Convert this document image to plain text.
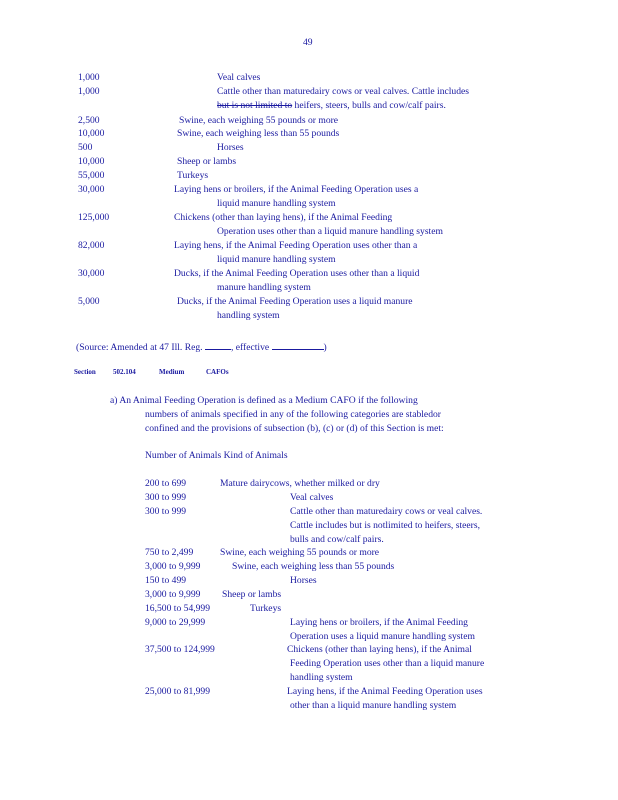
49
1,000	Veal calves
1,000	Cattle other than maturedairy cows or veal calves. Cattle includes
but is not limited to heifers, steers, bulls and cow/calf pairs.
2,500	Swine, each weighing 55 pounds or more
10,000	Swine, each weighing less than 55 pounds
500	Horses
10,000	Sheep or lambs
55,000	Turkeys
30,000	Laying hens or broilers, if the Animal Feeding Operation uses a
liquid manure handling system
125,000	Chickens (other than laying hens), if the Animal Feeding
Operation uses other than a liquid manure handling system
82,000	Laying hens, if the Animal Feeding Operation uses other than a
liquid manure handling system
30,000	Ducks, if the Animal Feeding Operation uses other than a liquid
manure handling system
5,000	Ducks, if the Animal Feeding Operation uses a liquid manure
handling system
(Source: Amended at 47 Ill. Reg.	, effective	)
Section 502.104	Medium	CAFOs
a) An Animal Feeding Operation is defined as a Medium CAFO if the following
numbers of animals specified in any of the following categories are stabledor
confined and the provisions of subsection (b), (c) or (d) of this Section is met:
Number of Animals Kind of Animals
200 to 699	Mature dairycows, whether milked or dry
300 to 999	Veal calves
300 to 999	Cattle other than maturedairy cows or veal calves.
Cattle includes but is notlimited to heifers, steers,
bulls and cow/calf pairs.
750 to 2,499	Swine, each weighing 55 pounds or more
3,000 to 9,999	Swine, each weighing less than 55 pounds
150 to 499	Horses
3,000 to 9,999 Sheep or lambs
16,500 to 54,999	Turkeys
9,000 to 29,999	Laying hens or broilers, if the Animal Feeding
Operation uses a liquid manure handling system
37,500 to 124,999	Chickens (other than laying hens), if the Animal
Feeding Operation uses other than a liquid manure
handling system
25,000 to 81,999	Laying hens, if the Animal Feeding Operation uses
other than a liquid manure handling system
